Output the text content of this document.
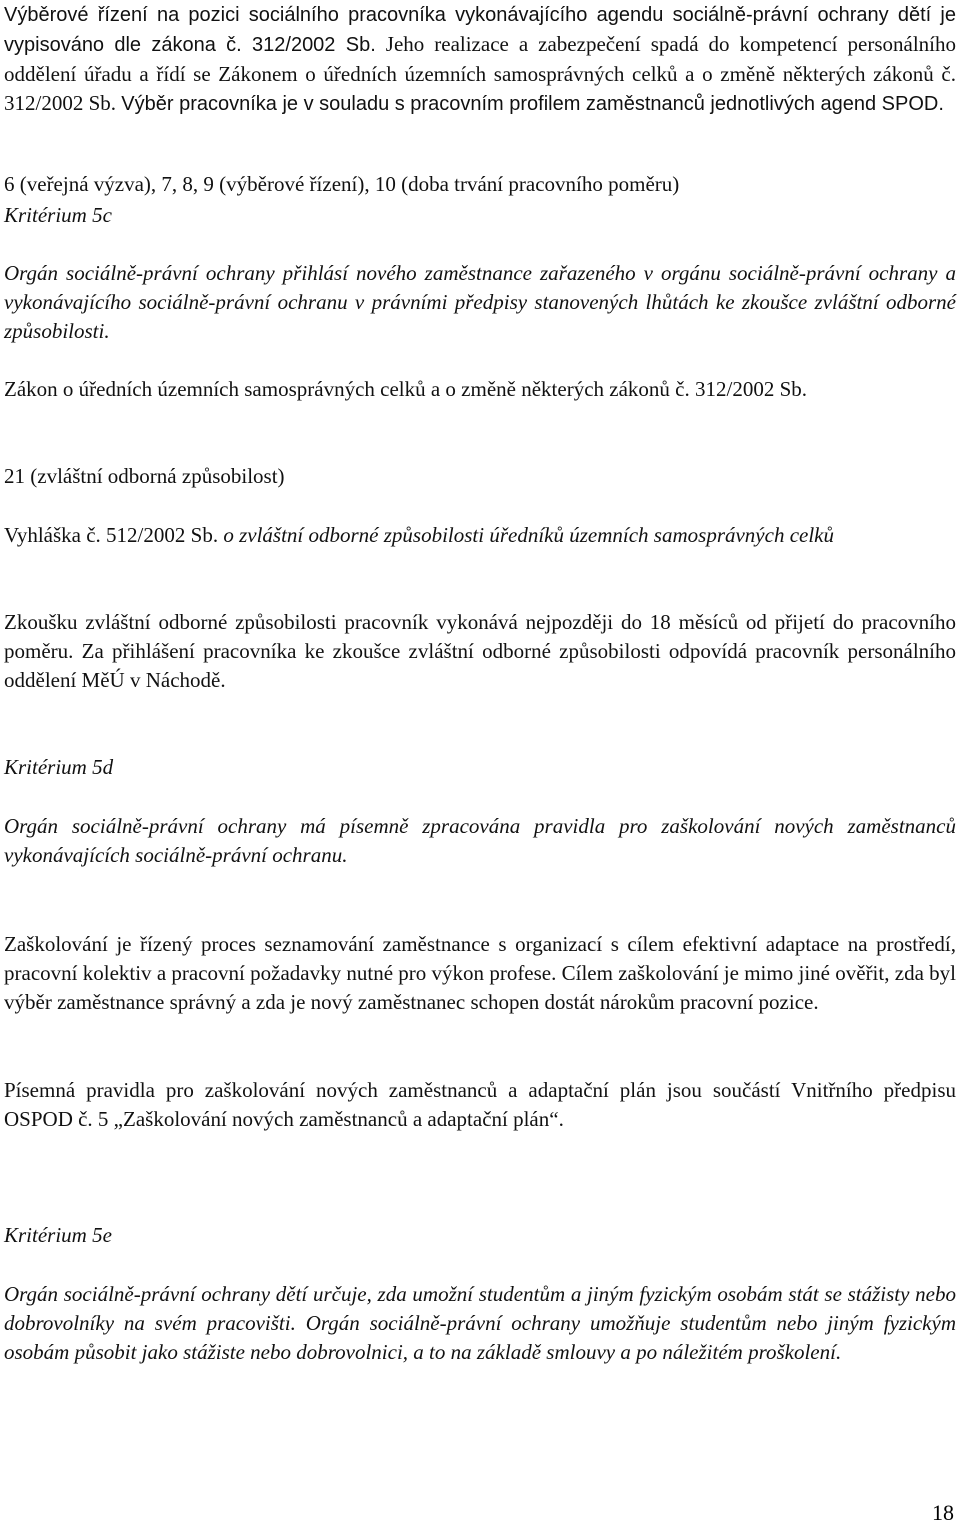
Výběrové řízení na pozici sociálního pracovníka vykonávajícího agendu sociálně-právní ochrany dětí je vypisováno dle zákona č. 312/2002 Sb. Jeho realizace a zabezpečení spadá do kompetencí personálního oddělení úřadu a řídí se Zákonem o úředních územních samosprávných celků a o změně některých zákonů č. 312/2002 Sb. Výběr pracovníka je v souladu s pracovním profilem zaměstnanců jednotlivých agend SPOD.

6 (veřejná výzva), 7, 8, 9 (výběrové řízení), 10 (doba trvání pracovního poměru)

Kritérium 5c

Orgán sociálně-právní ochrany přihlásí nového zaměstnance zařazeného v orgánu sociálně-právní ochrany a vykonávajícího sociálně-právní ochranu v právními předpisy stanovených lhůtách ke zkoušce zvláštní odborné způsobilosti.

Zákon o úředních územních samosprávných celků a o změně některých zákonů č. 312/2002 Sb.

21 (zvláštní odborná způsobilost)

Vyhláška č. 512/2002 Sb. o zvláštní odborné způsobilosti úředníků územních samosprávných celků

Zkoušku zvláštní odborné způsobilosti pracovník vykonává nejpozději do 18 měsíců od přijetí do pracovního poměru. Za přihlášení pracovníka ke zkoušce zvláštní odborné způsobilosti odpovídá pracovník personálního oddělení MěÚ v Náchodě.

Kritérium 5d

Orgán sociálně-právní ochrany má písemně zpracována pravidla pro zaškolování nových zaměstnanců vykonávajících sociálně-právní ochranu.

Zaškolování je řízený proces seznamování zaměstnance s organizací s cílem efektivní adaptace na prostředí, pracovní kolektiv a pracovní požadavky nutné pro výkon profese. Cílem zaškolování je mimo jiné ověřit, zda byl výběr zaměstnance správný a zda je nový zaměstnanec schopen dostát nárokům pracovní pozice.

Písemná pravidla pro zaškolování nových zaměstnanců a adaptační plán jsou součástí Vnitřního předpisu OSPOD č. 5 „Zaškolování nových zaměstnanců a adaptační plán“.

Kritérium 5e

Orgán sociálně-právní ochrany dětí určuje, zda umožní studentům a jiným fyzickým osobám stát se stážisty nebo dobrovolníky na svém pracovišti. Orgán sociálně-právní ochrany umožňuje studentům nebo jiným fyzickým osobám působit jako stážiste nebo dobrovolnici, a to na základě smlouvy a po náležitém proškolení.

18
